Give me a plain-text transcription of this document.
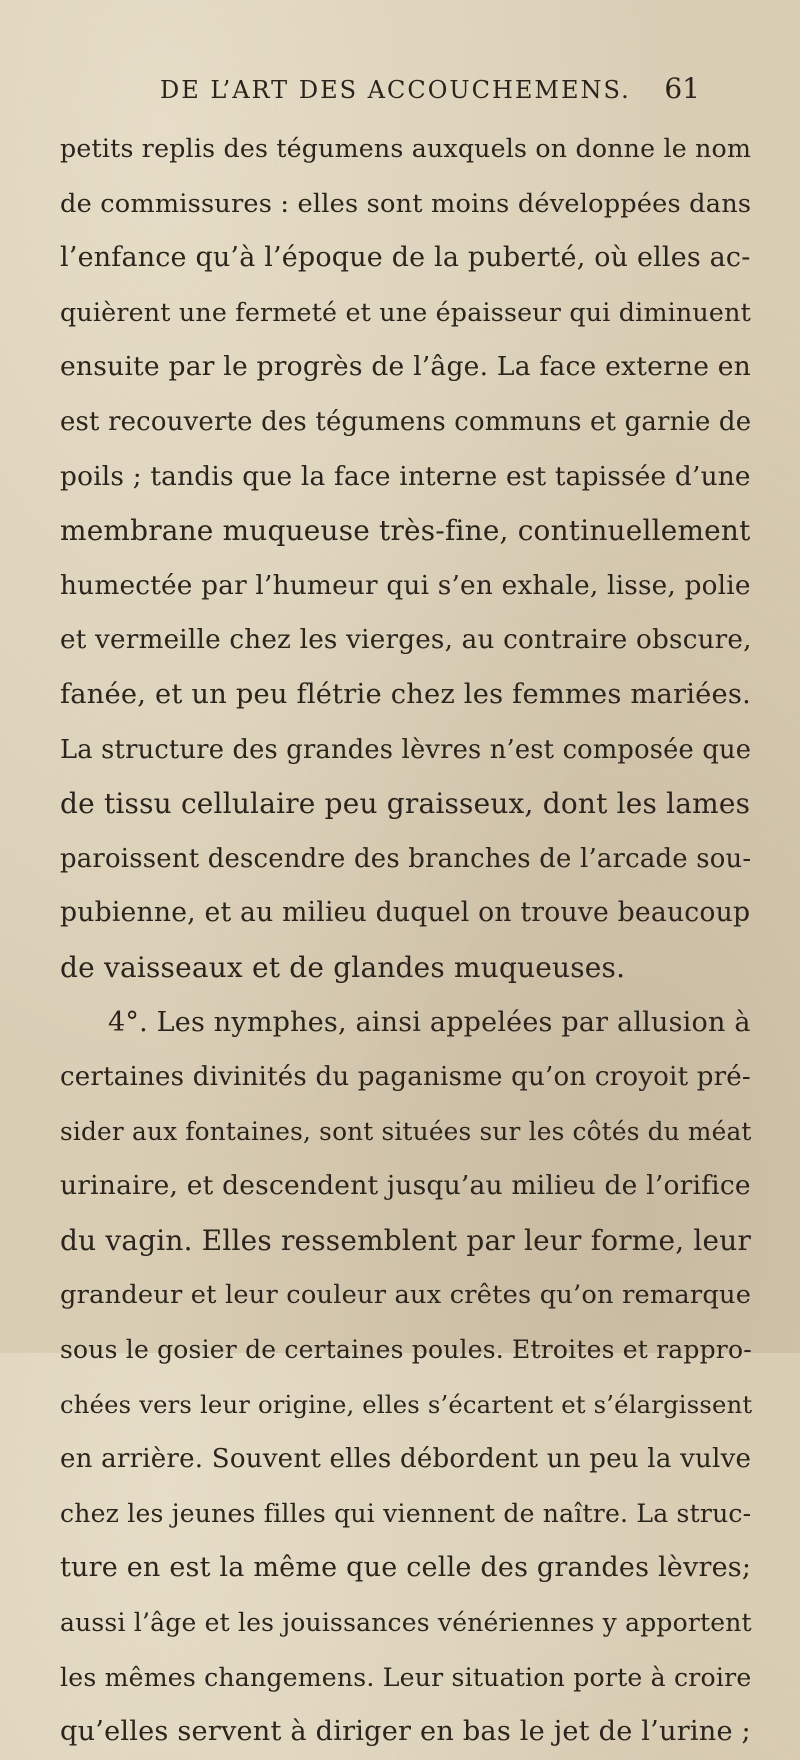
DE L’ART DES ACCOUCHEMENS. 61
petits replis des tégumens auxquels on donne le nom
de commissures : elles sont moins développées dans
l’enfance qu’à l’époque de la puberté, où elles ac-
quièrent une fermeté et une épaisseur qui diminuent
ensuite par le progrès de l’âge. La face externe en
est recouverte des tégumens communs et garnie de
poils ; tandis que la face interne est tapissée d’une
membrane muqueuse très-fine, continuellement
humectée par l’humeur qui s’en exhale, lisse, polie
et vermeille chez les vierges, au contraire obscure,
fanée, et un peu flétrie chez les femmes mariées.
La structure des grandes lèvres n’est composée que
de tissu cellulaire peu graisseux, dont les lames
paroissent descendre des branches de l’arcade sou-
pubienne, et au milieu duquel on trouve beaucoup
de vaisseaux et de glandes muqueuses.
4°. Les nymphes, ainsi appelées par allusion à
certaines divinités du paganisme qu’on croyoit pré-
sider aux fontaines, sont situées sur les côtés du méat
urinaire, et descendent jusqu’au milieu de l’orifice
du vagin. Elles ressemblent par leur forme, leur
grandeur et leur couleur aux crêtes qu’on remarque
sous le gosier de certaines poules. Etroites et rappro-
chées vers leur origine, elles s’écartent et s’élargissent
en arrière. Souvent elles débordent un peu la vulve
chez les jeunes filles qui viennent de naître. La struc-
ture en est la même que celle des grandes lèvres;
aussi l’âge et les jouissances vénériennes y apportent
les mêmes changemens. Leur situation porte à croire
qu’elles servent à diriger en bas le jet de l’urine ;
